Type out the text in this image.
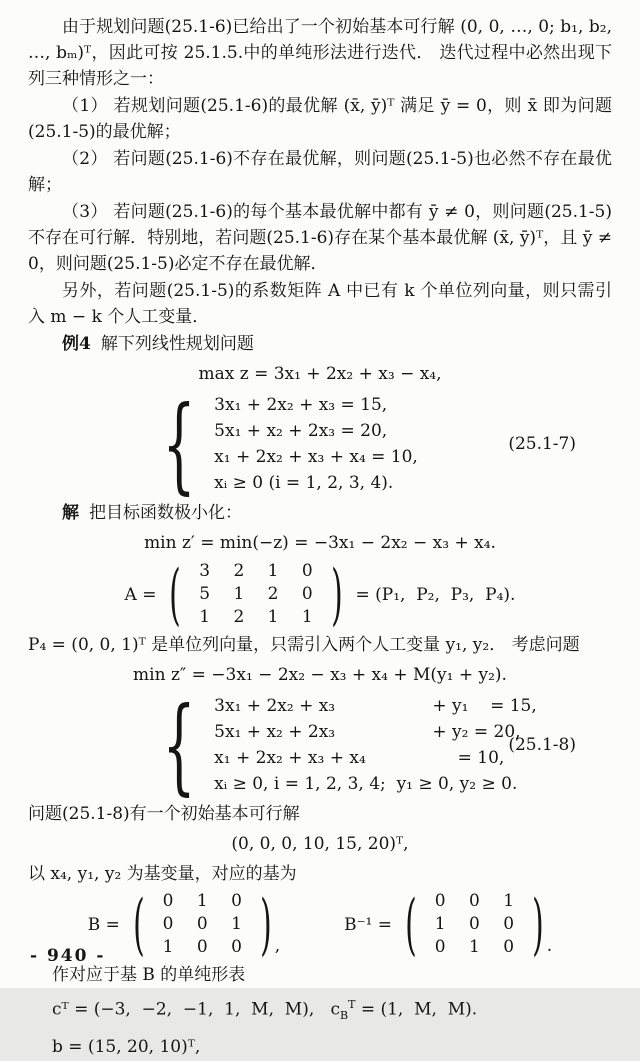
由于规划问题(25.1-6)已给出了一个初始基本可行解 (0, 0, …, 0; b₁, b₂, …, bₘ)ᵀ，因此可按 25.1.5.中的单纯形法进行迭代． 迭代过程中必然出现下列三种情形之一：

（1） 若规划问题(25.1-6)的最优解 (x̄, ȳ)ᵀ 满足 ȳ = 0，则 x̄ 即为问题(25.1-5)的最优解；

（2） 若问题(25.1-6)不存在最优解，则问题(25.1-5)也必然不存在最优解；

（3） 若问题(25.1-6)的每个基本最优解中都有 ȳ ≠ 0，则问题(25.1-5)不存在可行解．特别地，若问题(25.1-6)存在某个基本最优解 (x̄, ȳ)ᵀ，且 ȳ ≠ 0，则问题(25.1-5)必定不存在最优解．

另外，若问题(25.1-5)的系数矩阵 A 中已有 k 个单位列向量，则只需引入 m − k 个人工变量．

例4 解下列线性规划问题

max z = 3x₁ + 2x₂ + x₃ − x₄,
{ 3x₁ + 2x₂ + x₃ = 15,
5x₁ + x₂ + 2x₃ = 20,
x₁ + 2x₂ + x₃ + x₄ = 10,
xᵢ ≥ 0 (i = 1, 2, 3, 4).
(25.1-7)

解 把目标函数极小化：

min z′ = min(−z) = −3x₁ − 2x₂ − x₃ + x₄.
A = (	3 2 1 0
5 1 2 0
1 2 1 1 ) = (P₁,  P₂,  P₃,  P₄).

P₄ = (0, 0, 1)ᵀ 是单位列向量，只需引入两个人工变量 y₁, y₂． 考虑问题

min z″ = −3x₁ − 2x₂ − x₃ + x₄ + M(y₁ + y₂).
{ 3x₁ + 2x₂ + x₃                  + y₁    = 15,
5x₁ + x₂ + 2x₃                  + y₂ = 20,
x₁ + 2x₂ + x₃ + x₄                 = 10,
xᵢ ≥ 0, i = 1, 2, 3, 4;  y₁ ≥ 0, y₂ ≥ 0.
(25.1-8)

问题(25.1-8)有一个初始基本可行解

(0, 0, 0, 10, 15, 20)ᵀ,

以 x₄, y₁, y₂ 为基变量，对应的基为

B = (	0 1 0
0 0 1
1 0 0 ) ,
B⁻¹ = (	0 0 1
1 0 0
0 1 0 ) .

作对应于基 B 的单纯形表

cᵀ = (−3,  −2,  −1,  1,  M,  M),   $c_B^T = (1$,  M,  M).
b = (15, 20, 10)ᵀ,
- 940 -
